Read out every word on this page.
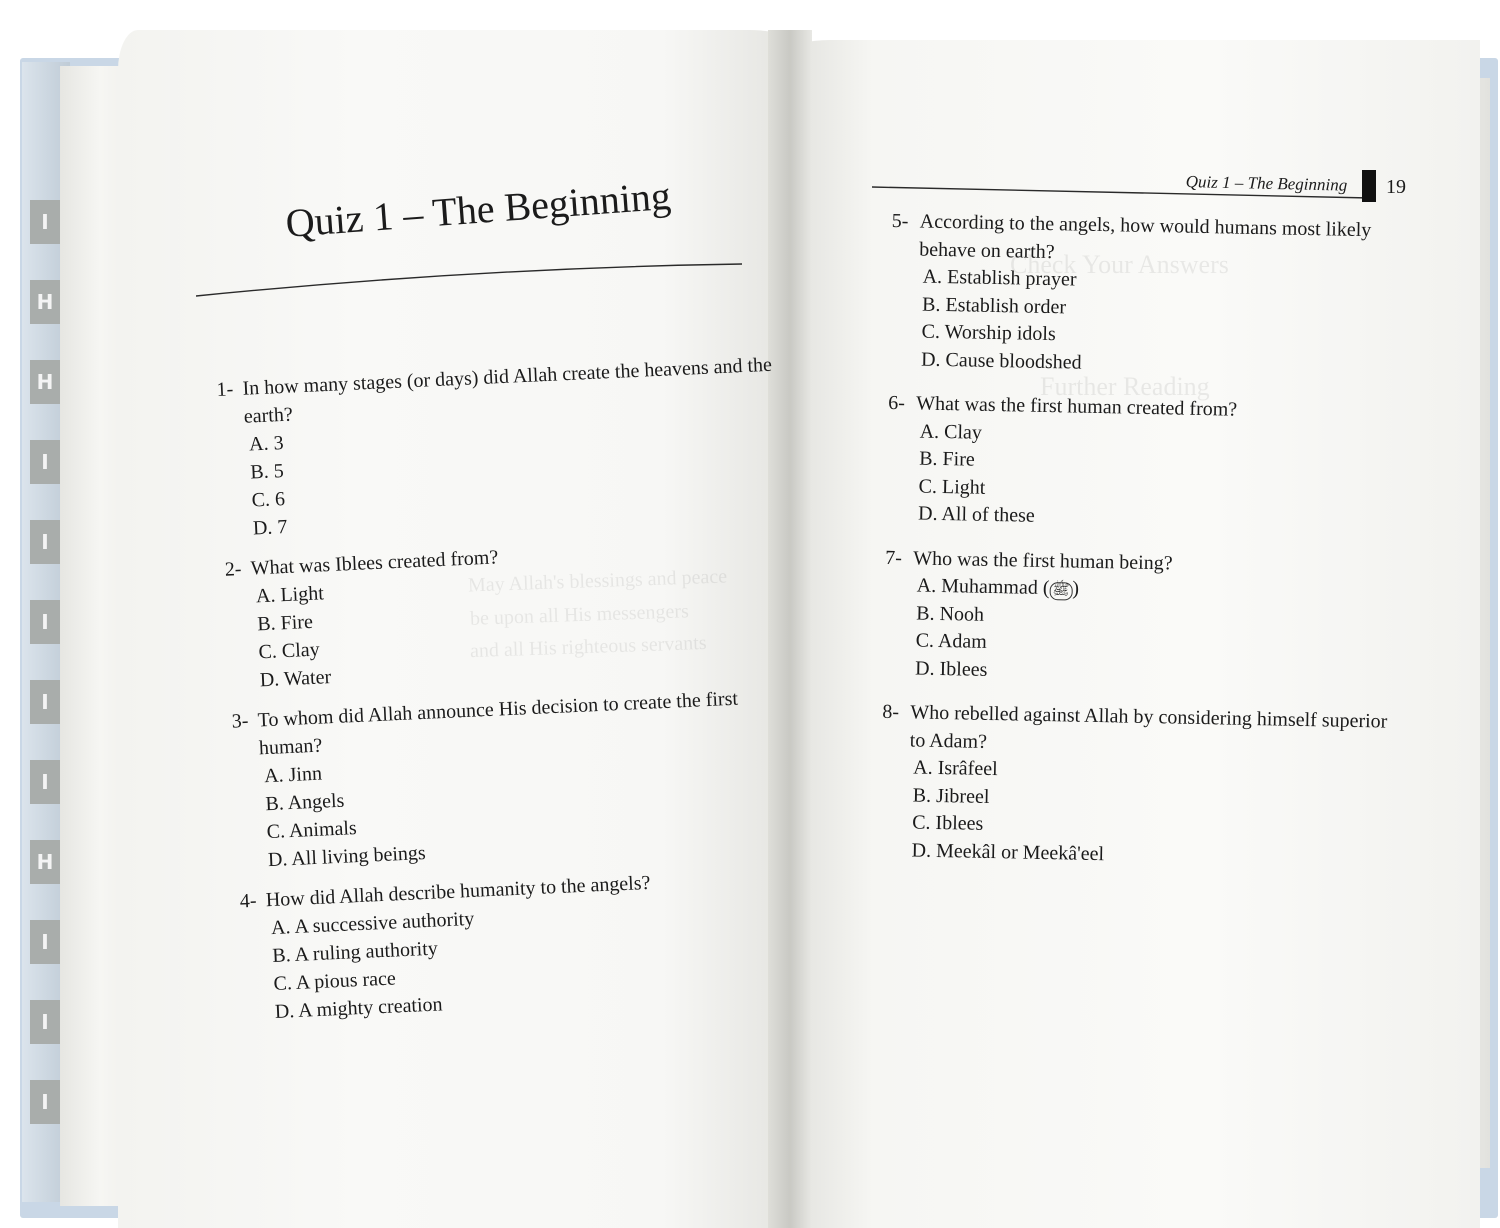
I
H
H
I
I
I
I
I
H
I
I
I
Check Your Answers
Further Reading
May Allah's blessings and peace
be upon all His messengers
and all His righteous servants
Quiz 1 – The Beginning
1- In how many stages (or days) did Allah create the heavens and the earth?
A. 3
B. 5
C. 6
D. 7
2- What was Iblees created from?
A. Light
B. Fire
C. Clay
D. Water
3- To whom did Allah announce His decision to create the first human?
A. Jinn
B. Angels
C. Animals
D. All living beings
4- How did Allah describe humanity to the angels?
A. A successive authority
B. A ruling authority
C. A pious race
D. A mighty creation
Quiz 1 – The Beginning 19
5- According to the angels, how would humans most likely behave on earth?
A. Establish prayer
B. Establish order
C. Worship idols
D. Cause bloodshed
6- What was the first human created from?
A. Clay
B. Fire
C. Light
D. All of these
7- Who was the first human being?
A. Muhammad ( ﷺ )
B. Nooh
C. Adam
D. Iblees
8- Who rebelled against Allah by considering himself superior to Adam?
A. Isrâfeel
B. Jibreel
C. Iblees
D. Meekâl or Meekâ'eel
